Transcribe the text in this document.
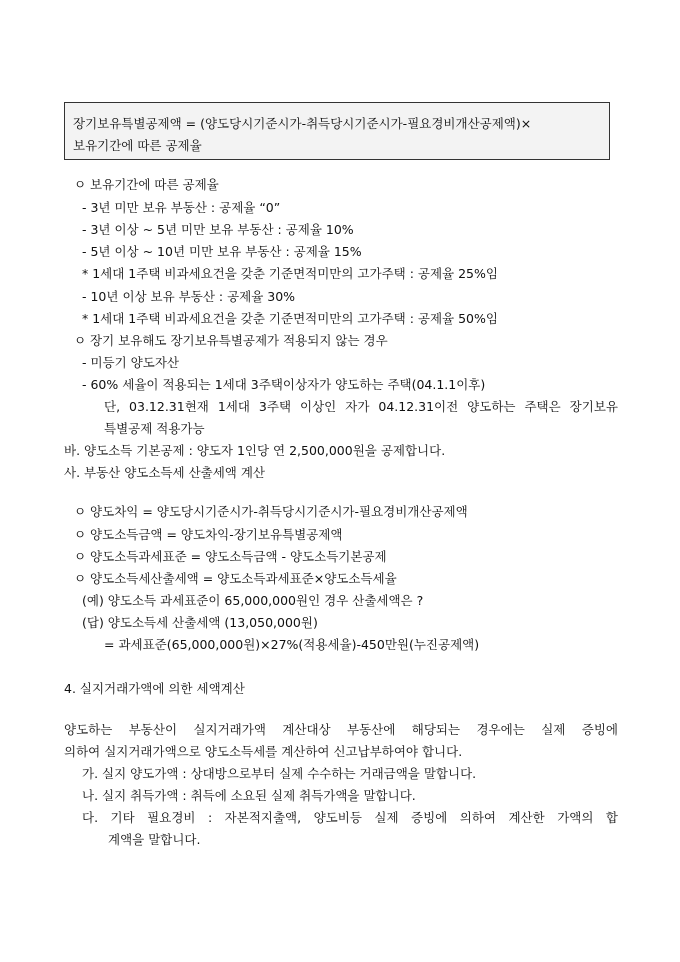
장기보유특별공제액 = (양도당시기준시가-취득당시기준시가-필요경비개산공제액)×

보유기간에 따른 공제율

ㅇ 보유기간에 따른 공제율
- 3년 미만 보유 부동산 : 공제율 “0”
- 3년 이상 ~ 5년 미만 보유 부동산 : 공제율 10%
- 5년 이상 ~ 10년 미만 보유 부동산 : 공제율 15%
* 1세대 1주택 비과세요건을 갖춘 기준면적미만의 고가주택 : 공제율 25%임
- 10년 이상 보유 부동산 : 공제율 30%
* 1세대 1주택 비과세요건을 갖춘 기준면적미만의 고가주택 : 공제율 50%임
ㅇ 장기 보유해도 장기보유특별공제가 적용되지 않는 경우
- 미등기 양도자산
- 60% 세율이 적용되는 1세대 3주택이상자가 양도하는 주택(04.1.1이후)
단, 03.12.31현재 1세대 3주택 이상인 자가 04.12.31이전 양도하는 주택은 장기보유
특별공제 적용가능
바. 양도소득 기본공제 : 양도자 1인당 연 2,500,000원을 공제합니다.
사. 부동산 양도소득세 산출세액 계산
ㅇ 양도차익 = 양도당시기준시가-취득당시기준시가-필요경비개산공제액
ㅇ 양도소득금액 = 양도차익-장기보유특별공제액
ㅇ 양도소득과세표준 = 양도소득금액 - 양도소득기본공제
ㅇ 양도소득세산출세액 = 양도소득과세표준×양도소득세율
(예) 양도소득 과세표준이 65,000,000원인 경우 산출세액은 ?
(답) 양도소득세 산출세액 (13,050,000원)
= 과세표준(65,000,000원)×27%(적용세율)-450만원(누진공제액)
4. 실지거래가액에 의한 세액계산
양도하는 부동산이 실지거래가액 계산대상 부동산에 해당되는 경우에는 실제 증빙에
의하여 실지거래가액으로 양도소득세를 계산하여 신고납부하여야 합니다.
가. 실지 양도가액 : 상대방으로부터 실제 수수하는 거래금액을 말합니다.
나. 실지 취득가액 : 취득에 소요된 실제 취득가액을 말합니다.
다. 기타 필요경비 : 자본적지출액, 양도비등 실제 증빙에 의하여 계산한 가액의 합
계액을 말합니다.
